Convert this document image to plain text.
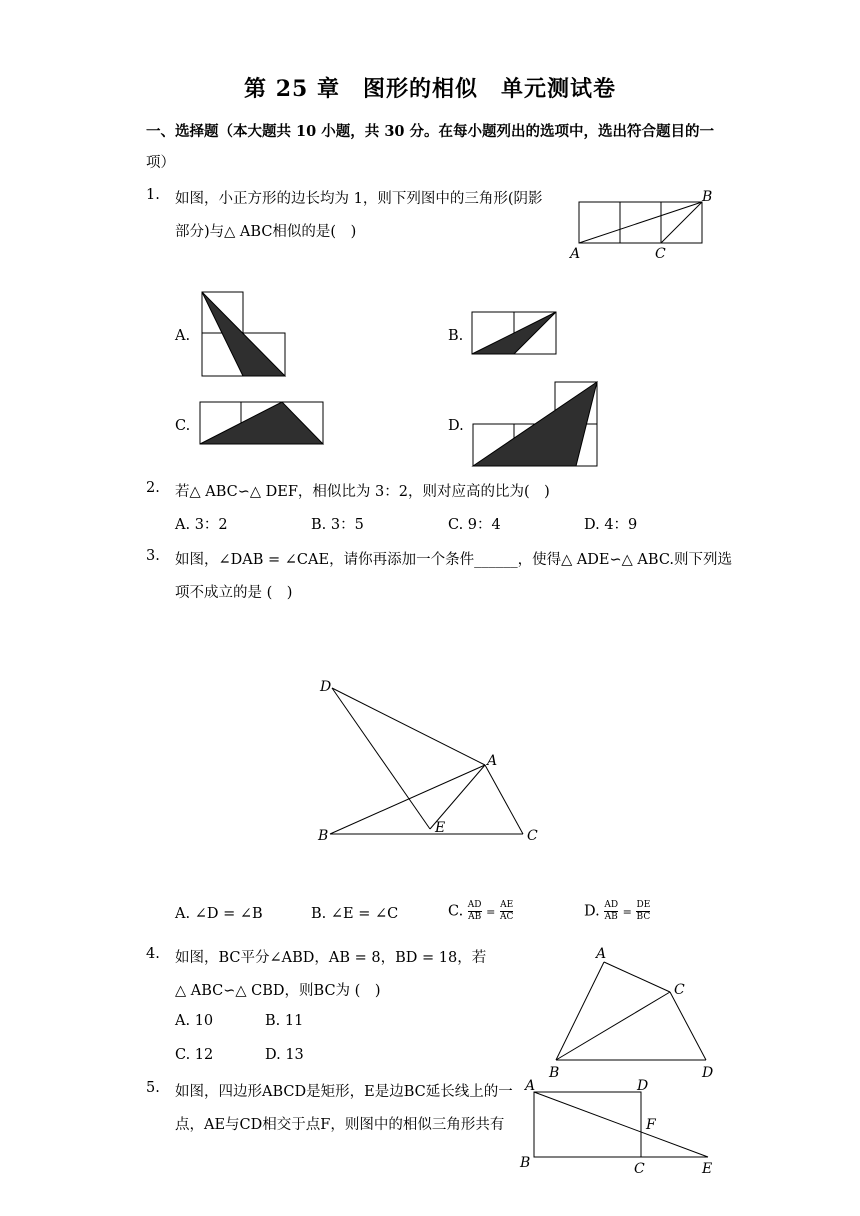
第 25 章　图形的相似　单元测试卷
一、选择题（本大题共 10 小题，共 30 分。在每小题列出的选项中，选出符合题目的一
项）
1. 如图，小正方形的边长均为 1，则下列图中的三角形(阴影
部分)与△ ABC相似的是(　)
A	C
B
A.	B.
C.	D.
2. 若△ ABC∽△ DEF，相似比为 3：2，则对应高的比为(　)
A. 3：2	B. 3：5	C. 9：4	D. 4：9
3. 如图，∠DAB = ∠CAE，请你再添加一个条件______，使得△ ADE∽△ ABC.则下列选
项不成立的是 (　)
D
A
B	E	C
A. ∠D = ∠B	B. ∠E = ∠C	C. $\frac{AD}{AB} = \frac{AE}{AC}$	D. $\frac{AD}{AB} = \frac{DE}{BC}$
4. 如图，BC平分∠ABD，AB = 8，BD = 18，若
△ ABC∽△ CBD，则BC为 (　)
A. 10	B. 11
C. 12	D. 13
A
C
B	D
5. 如图，四边形ABCD是矩形，E是边BC延长线上的一
点，AE与CD相交于点F，则图中的相似三角形共有
A	D
F
B	C	E
